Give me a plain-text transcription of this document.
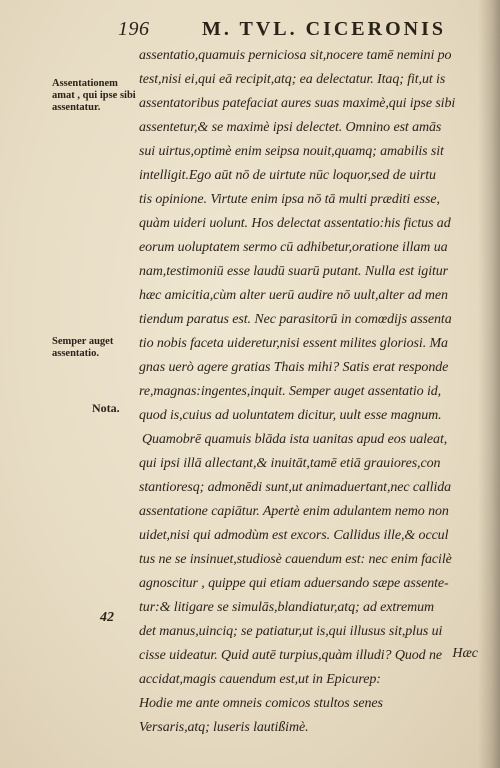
196	M. TVL. CICERONIS
Assentationem amat , qui ipse sibi assentatur.
Semper auget assentatio.
Nota.
42
assentatio,quamuis perniciosa sit,nocere tamē nemini po
test,nisi ei,qui eā recipit,atq; ea delectatur. Itaq; fit,ut is
assentatoribus patefaciat aures suas maximè,qui ipse sibi
assentetur,& se maximè ipsi delectet. Omnino est amās
sui uirtus,optimè enim seipsa nouit,quamq; amabilis sit
intelligit.Ego aūt nō de uirtute nūc loquor,sed de uirtu
tis opinione. Virtute enim ipsa nō tā multi præditi esse,
quàm uideri uolunt. Hos delectat assentatio:his fictus ad
eorum uoluptatem sermo cū adhibetur,oratione illam ua
nam,testimoniū esse laudū suarū putant. Nulla est igitur
hæc amicitia,cùm alter uerū audire nō uult,alter ad men
tiendum paratus est. Nec parasitorū in comœdijs assenta
tio nobis faceta uideretur,nisi essent milites gloriosi. Ma
gnas uerò agere gratias Thais mihi? Satis erat responde
re,magnas:ingentes,inquit. Semper auget assentatio id,
quod is,cuius ad uoluntatem dicitur, uult esse magnum.
Quamobrē quamuis blāda ista uanitas apud eos ualeat,
qui ipsi illā allectant,& inuitāt,tamē etiā grauiores,con
stantioresq; admonēdi sunt,ut animaduertant,nec callida
assentatione capiātur. Apertè enim adulantem nemo non
uidet,nisi qui admodùm est excors. Callidus ille,& occul
tus ne se insinuet,studiosè cauendum est: nec enim facilè
agnoscitur , quippe qui etiam aduersando sæpe assente-
tur:& litigare se simulās,blandiatur,atq; ad extremum
det manus,uinciq; se patiatur,ut is,qui illusus sit,plus ui
cisse uideatur. Quid autē turpius,quàm illudi? Quod ne
accidat,magis cauendum est,ut in Epicurep:
Hodie me ante omneis comicos stultos senes
Versaris,atq; luseris lautißimè.
Hæc
